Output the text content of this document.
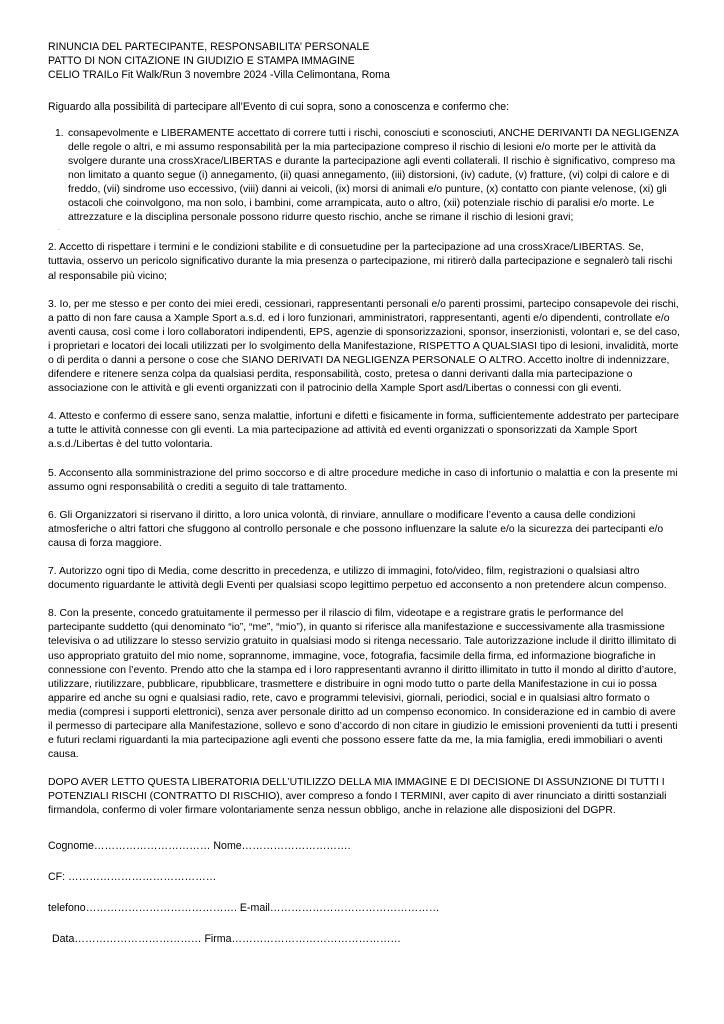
RINUNCIA DEL PARTECIPANTE, RESPONSABILITA’ PERSONALE

PATTO DI NON CITAZIONE IN GIUDIZIO E STAMPA IMMAGINE

CELIO TRAILo Fit Walk/Run 3 novembre 2024 -Villa Celimontana, Roma

Riguardo alla possibilità di partecipare all’Evento di cui sopra, sono a conoscenza e confermo che:

1. consapevolmente e LIBERAMENTE accettato di correre tutti i rischi, conosciuti e sconosciuti, ANCHE DERIVANTI DA NEGLIGENZA delle regole o altri, e mi assumo responsabilità per la mia partecipazione compreso il rischio di lesioni e/o morte per le attività da svolgere durante una crossXrace/LIBERTAS e durante la partecipazione agli eventi collaterali. Il rischio è significativo, compreso ma non limitato a quanto segue (i) annegamento, (ii) quasi annegamento, (iii) distorsioni, (iv) cadute, (v) fratture, (vi) colpi di calore e di freddo, (vii) sindrome uso eccessivo, (viii) danni ai veicoli, (ix) morsi di animali e/o punture, (x) contatto con piante velenose, (xi) gli ostacoli che coinvolgono, ma non solo, i bambini, come arrampicata, auto o altro, (xii) potenziale rischio di paralisi e/o morte. Le attrezzature e la disciplina personale possono ridurre questo rischio, anche se rimane il rischio di lesioni gravi;
.

2. Accetto di rispettare i termini e le condizioni stabilite e di consuetudine per la partecipazione ad una crossXrace/LIBERTAS. Se, tuttavia, osservo un pericolo significativo durante la mia presenza o partecipazione, mi ritirerò dalla partecipazione e segnalerò tali rischi al responsabile più vicino;

3. Io, per me stesso e per conto dei miei eredi, cessionari, rappresentanti personali e/o parenti prossimi, partecipo consapevole dei rischi, a patto di non fare causa a Xample Sport a.s.d. ed i loro funzionari, amministratori, rappresentanti, agenti e/o dipendenti, controllate e/o aventi causa, così come i loro collaboratori indipendenti, EPS, agenzie di sponsorizzazioni, sponsor, inserzionisti, volontari e, se del caso, i proprietari e locatori dei locali utilizzati per lo svolgimento della Manifestazione, RISPETTO A QUALSIASI tipo di lesioni, invalidità, morte o di perdita o danni a persone o cose che SIANO DERIVATI DA NEGLIGENZA PERSONALE O ALTRO. Accetto inoltre di indennizzare, difendere e ritenere senza colpa da qualsiasi perdita, responsabilità, costo, pretesa o danni derivanti dalla mia partecipazione o associazione con le attività e gli eventi organizzati con il patrocinio della Xample Sport asd/Libertas o connessi con gli eventi.

4. Attesto e confermo di essere sano, senza malattie, infortuni e difetti e fisicamente in forma, sufficientemente addestrato per partecipare a tutte le attività connesse con gli eventi. La mia partecipazione ad attività ed eventi organizzati o sponsorizzati da Xample Sport a.s.d./Libertas è del tutto volontaria.

5. Acconsento alla somministrazione del primo soccorso e di altre procedure mediche in caso di infortunio o malattia e con la presente mi assumo ogni responsabilità o crediti a seguito di tale trattamento.

6. Gli Organizzatori si riservano il diritto, a loro unica volontà, di rinviare, annullare o modificare l’evento a causa delle condizioni atmosferiche o altri fattori che sfuggono al controllo personale e che possono influenzare la salute e/o la sicurezza dei partecipanti e/o causa di forza maggiore.

7. Autorizzo ogni tipo di Media, come descritto in precedenza, e utilizzo di immagini, foto/video, film, registrazioni o qualsiasi altro documento riguardante le attività degli Eventi per qualsiasi scopo legittimo perpetuo ed acconsento a non pretendere alcun compenso.

8. Con la presente, concedo gratuitamente il permesso per il rilascio di film, videotape e a registrare gratis le performance del partecipante suddetto (qui denominato “io”, “me”, “mio”), in quanto si riferisce alla manifestazione e successivamente alla trasmissione televisiva o ad utilizzare lo stesso servizio gratuito in qualsiasi modo si ritenga necessario. Tale autorizzazione include il diritto illimitato di uso appropriato gratuito del mio nome, soprannome, immagine, voce, fotografia, facsimile della firma, ed informazione biografiche in connessione con l’evento. Prendo atto che la stampa ed i loro rappresentanti avranno il diritto illimitato in tutto il mondo al diritto d’autore, utilizzare, riutilizzare, pubblicare, ripubblicare, trasmettere e distribuire in ogni modo tutto o parte della Manifestazione in cui io possa apparire ed anche su ogni e qualsiasi radio, rete, cavo e programmi televisivi, giornali, periodici, social e in qualsiasi altro formato o media (compresi i supporti elettronici), senza aver personale diritto ad un compenso economico. In considerazione ed in cambio di avere il permesso di partecipare alla Manifestazione, sollevo e sono d’accordo di non citare in giudizio le emissioni provenienti da tutti i presenti e futuri reclami riguardanti la mia partecipazione agli eventi che possono essere fatte da me, la mia famiglia, eredi immobiliari o aventi causa.

DOPO AVER LETTO QUESTA LIBERATORIA DELL’UTILIZZO DELLA MIA IMMAGINE E DI DECISIONE DI ASSUNZIONE DI TUTTI I POTENZIALI RISCHI (CONTRATTO DI RISCHIO), aver compreso a fondo I TERMINI, aver capito di aver rinunciato a diritti sostanziali firmandola, confermo di voler firmare volontariamente senza nessun obbligo, anche in relazione alle disposizioni del DGPR.

Cognome…………………………… Nome………………………….

CF: ……………………………………

telefono……………………………………. E-mail…………………………………………

Data……………………………… Firma…………………………………………
